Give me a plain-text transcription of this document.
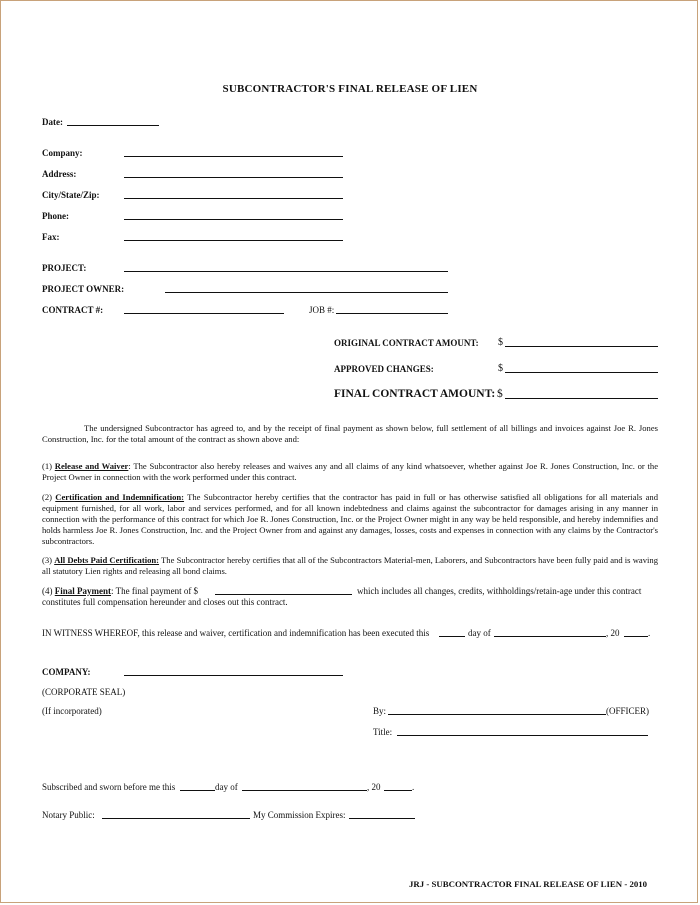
SUBCONTRACTOR'S FINAL RELEASE OF LIEN
Date:
Company:
Address:
City/State/Zip:
Phone:
Fax:
PROJECT:
PROJECT OWNER:
CONTRACT #:	JOB #:
ORIGINAL CONTRACT AMOUNT: $
APPROVED CHANGES:	$
FINAL CONTRACT AMOUNT: $
The undersigned Subcontractor has agreed to, and by the receipt of final payment as shown below, full settlement of all billings and invoices against Joe R. Jones Construction, Inc. for the total amount of the contract as shown above and:
(1) Release and Waiver: The Subcontractor also hereby releases and waives any and all claims of any kind whatsoever, whether against Joe R. Jones Construction, Inc. or the Project Owner in connection with the work performed under this contract.
(2) Certification and Indemnification: The Subcontractor hereby certifies that the contractor has paid in full or has otherwise satisfied all obligations for all materials and equipment furnished, for all work, labor and services performed, and for all known indebtedness and claims against the subcontractor for damages arising in any manner in connection with the performance of this contract for which Joe R. Jones Construction, Inc. or the Project Owner might in any way be held responsible, and hereby indemnifies and holds harmless Joe R. Jones Construction, Inc. and the Project Owner from and against any damages, losses, costs and expenses in connection with any claims by the Contractor's subcontractors.
(3) All Debts Paid Certification: The Subcontractor hereby certifies that all of the Subcontractors Material-men, Laborers, and Subcontractors have been fully paid and is waving all statutory Lien rights and releasing all bond claims.
(4) Final Payment: The final payment of $	which includes all changes, credits, withholdings/retain-age under this contract
constitutes full compensation hereunder and closes out this contract.
IN WITNESS WHEREOF, this release and waiver, certification and indemnification has been executed this	day of	, 20	.
COMPANY:
(CORPORATE SEAL)
(If incorporated)	By:	(OFFICER)
Title:
Subscribed and sworn before me this	day of	, 20	.
Notary Public:	My Commission Expires:
JRJ - SUBCONTRACTOR FINAL RELEASE OF LIEN - 2010
